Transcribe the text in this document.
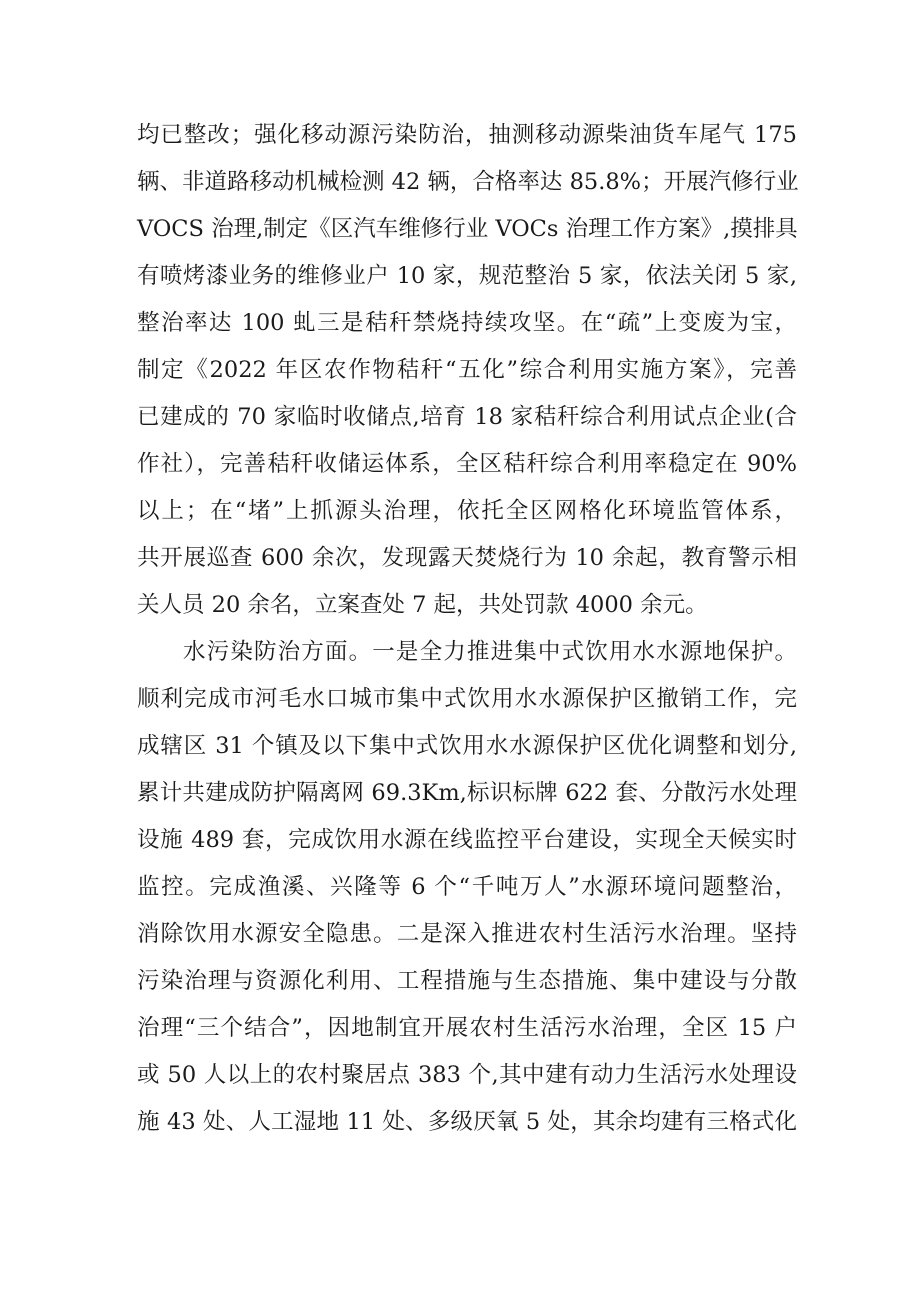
均已整改；强化移动源污染防治，抽测移动源柴油货车尾气 175
辆、非道路移动机械检测 42 辆，合格率达 85.8%；开展汽修行业
VOCS 治理,制定《区汽车维修行业 VOCs 治理工作方案》,摸排具
有喷烤漆业务的维修业户 10 家，规范整治 5 家，依法关闭 5 家,
整治率达 100 虬三是秸秆禁烧持续攻坚。在“疏”上变废为宝，
制定《2022 年区农作物秸秆“五化”综合利用实施方案》，完善
已建成的 70 家临时收储点,培育 18 家秸秆综合利用试点企业(合
作社），完善秸秆收储运体系，全区秸秆综合利用率稳定在 90%
以上；在“堵”上抓源头治理，依托全区网格化环境监管体系，
共开展巡查 600 余次，发现露天焚烧行为 10 余起，教育警示相
关人员 20 余名，立案查处 7 起，共处罚款 4000 余元。
水污染防治方面。一是全力推进集中式饮用水水源地保护。
顺利完成市河毛水口城市集中式饮用水水源保护区撤销工作，完
成辖区 31 个镇及以下集中式饮用水水源保护区优化调整和划分,
累计共建成防护隔离网 69.3Km,标识标牌 622 套、分散污水处理
设施 489 套，完成饮用水源在线监控平台建设，实现全天候实时
监控。完成渔溪、兴隆等 6 个“千吨万人”水源环境问题整治，
消除饮用水源安全隐患。二是深入推进农村生活污水治理。坚持
污染治理与资源化利用、工程措施与生态措施、集中建设与分散
治理“三个结合”，因地制宜开展农村生活污水治理，全区 15 户
或 50 人以上的农村聚居点 383 个,其中建有动力生活污水处理设
施 43 处、人工湿地 11 处、多级厌氧 5 处，其余均建有三格式化
